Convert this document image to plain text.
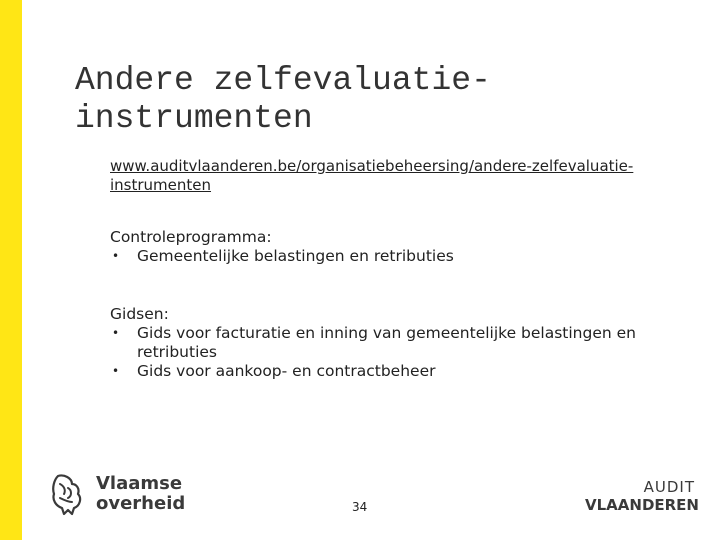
Andere zelfevaluatie-
instrumenten
www.auditvlaanderen.be/organisatiebeheersing/andere-zelfevaluatie-instrumenten

Controleprogramma:

• Gemeentelijke belastingen en retributies

Gidsen:

• Gids voor facturatie en inning van gemeentelijke belastingen en retributies
• Gids voor aankoop- en contractbeheer
Vlaamse
overheid	34
AUDIT
VLAANDEREN
